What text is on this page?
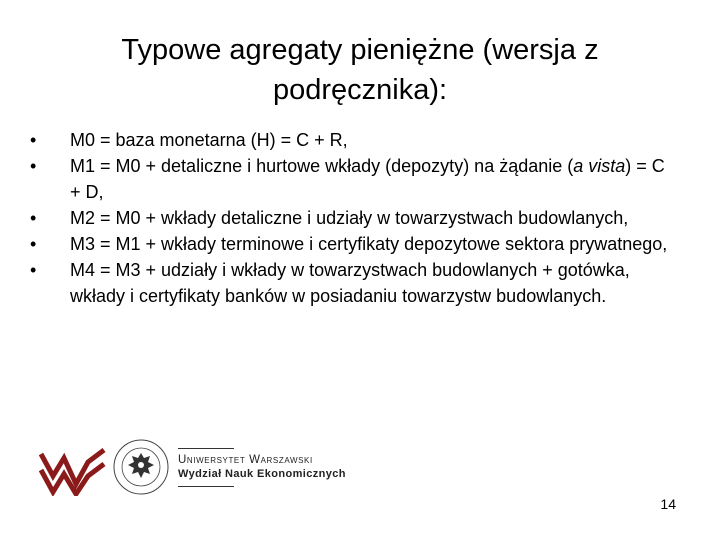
Typowe agregaty pieniężne (wersja z podręcznika):
•	M0 = baza monetarna (H) = C + R,
•	M1 = M0 + detaliczne i hurtowe wkłady (depozyty) na żądanie (a vista) = C + D,
•	M2 = M0 + wkłady detaliczne i udziały w towarzystwach budowlanych,
•	M3 = M1 + wkłady terminowe i certyfikaty depozytowe sektora prywatnego,
•	M4 = M3 + udziały i wkłady w towarzystwach budowlanych + gotówka, wkłady i certyfikaty banków w posiadaniu towarzystw budowlanych.
Uniwersytet Warszawski
Wydział Nauk Ekonomicznych
14
